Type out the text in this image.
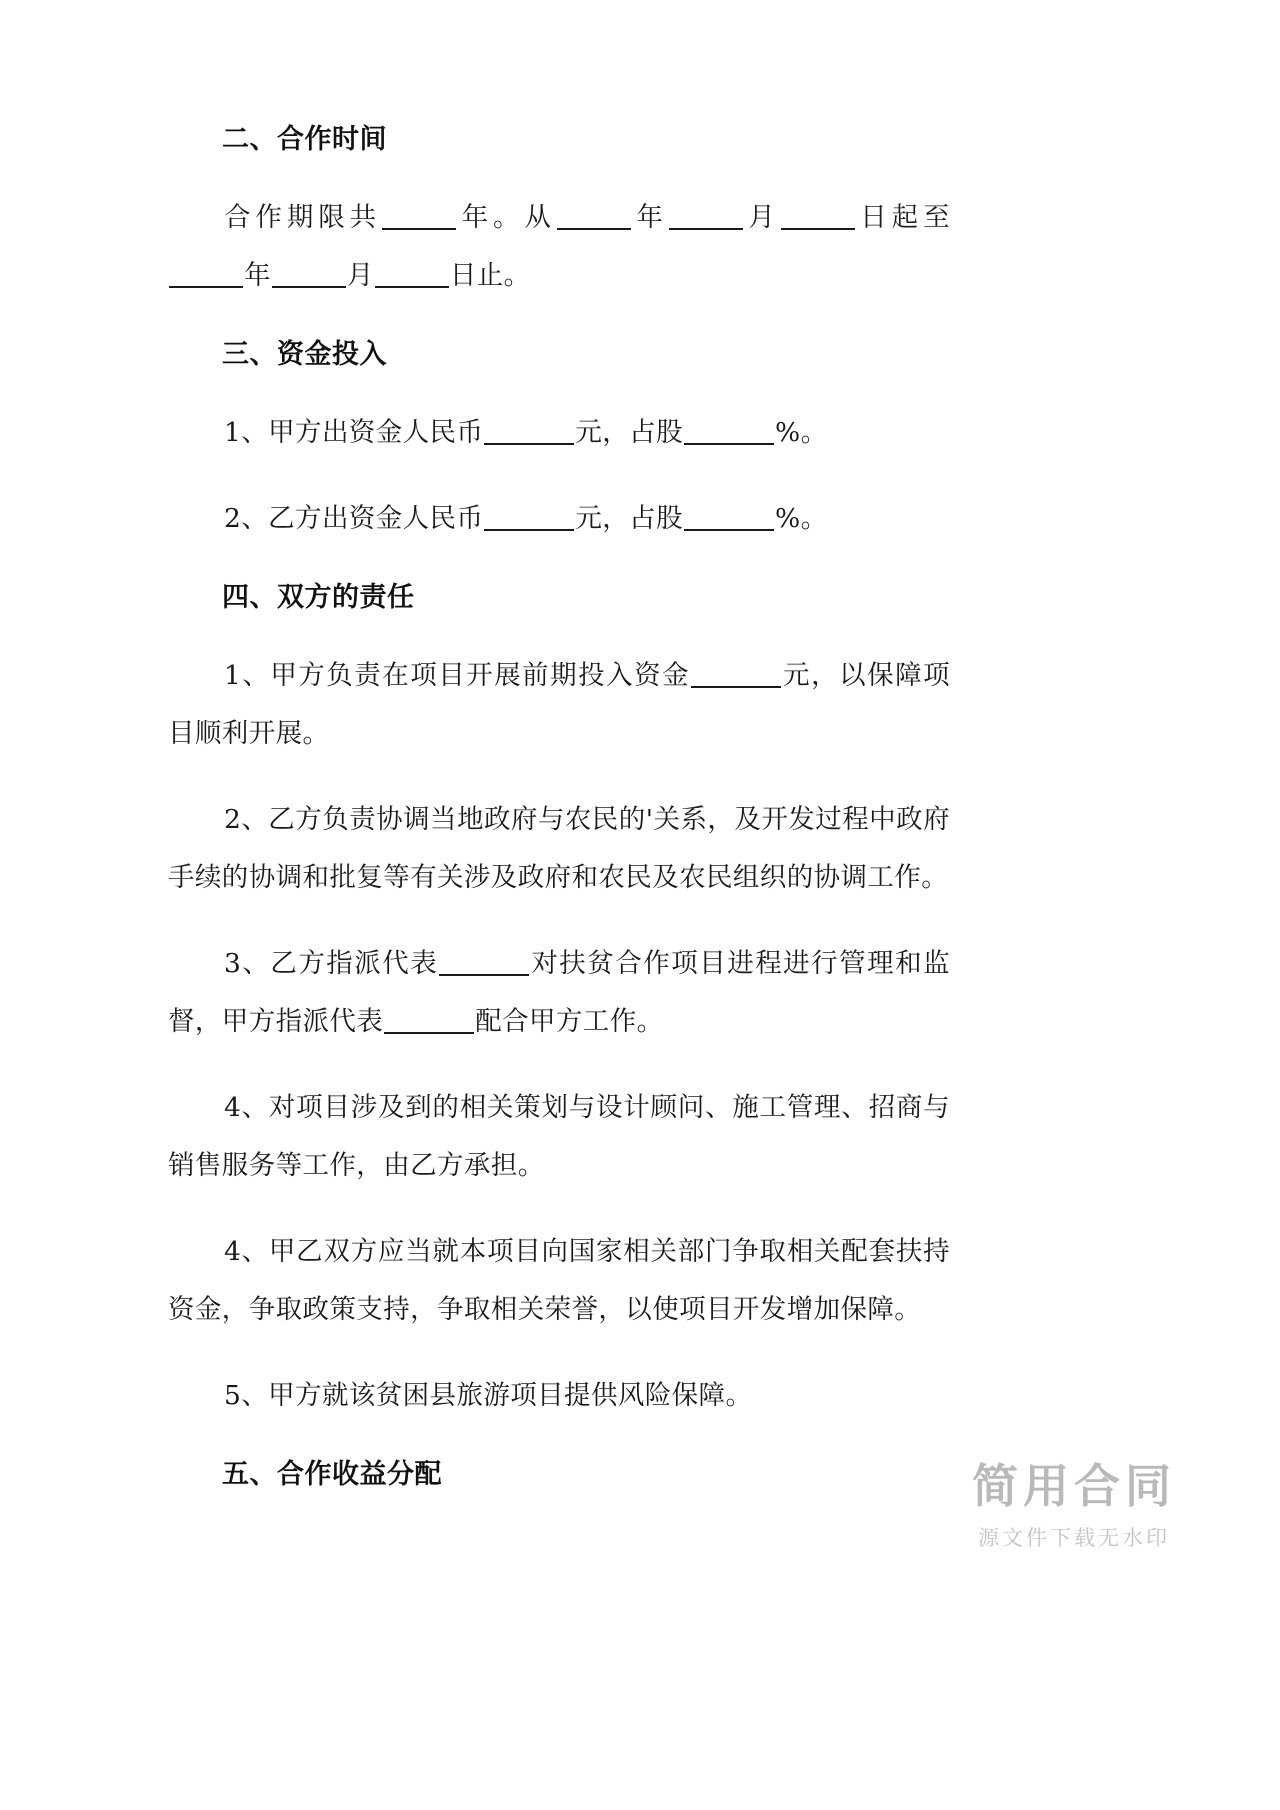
二、合作时间

合作期限共	年。从	年	月	日起至年	月	日止。

三、资金投入

1、甲方出资金人民币	元，占股	%。

2、乙方出资金人民币	元，占股	%。

四、双方的责任

1、甲方负责在项目开展前期投入资金	元，以保障项目顺利开展。

2、乙方负责协调当地政府与农民的'关系，及开发过程中政府手续的协调和批复等有关涉及政府和农民及农民组织的协调工作。

3、乙方指派代表	对扶贫合作项目进程进行管理和监督，甲方指派代表	配合甲方工作。

4、对项目涉及到的相关策划与设计顾问、施工管理、招商与销售服务等工作，由乙方承担。

4、甲乙双方应当就本项目向国家相关部门争取相关配套扶持资金，争取政策支持，争取相关荣誉，以使项目开发增加保障。

5、甲方就该贫困县旅游项目提供风险保障。

五、合作收益分配	简用合同
源文件下载无水印
